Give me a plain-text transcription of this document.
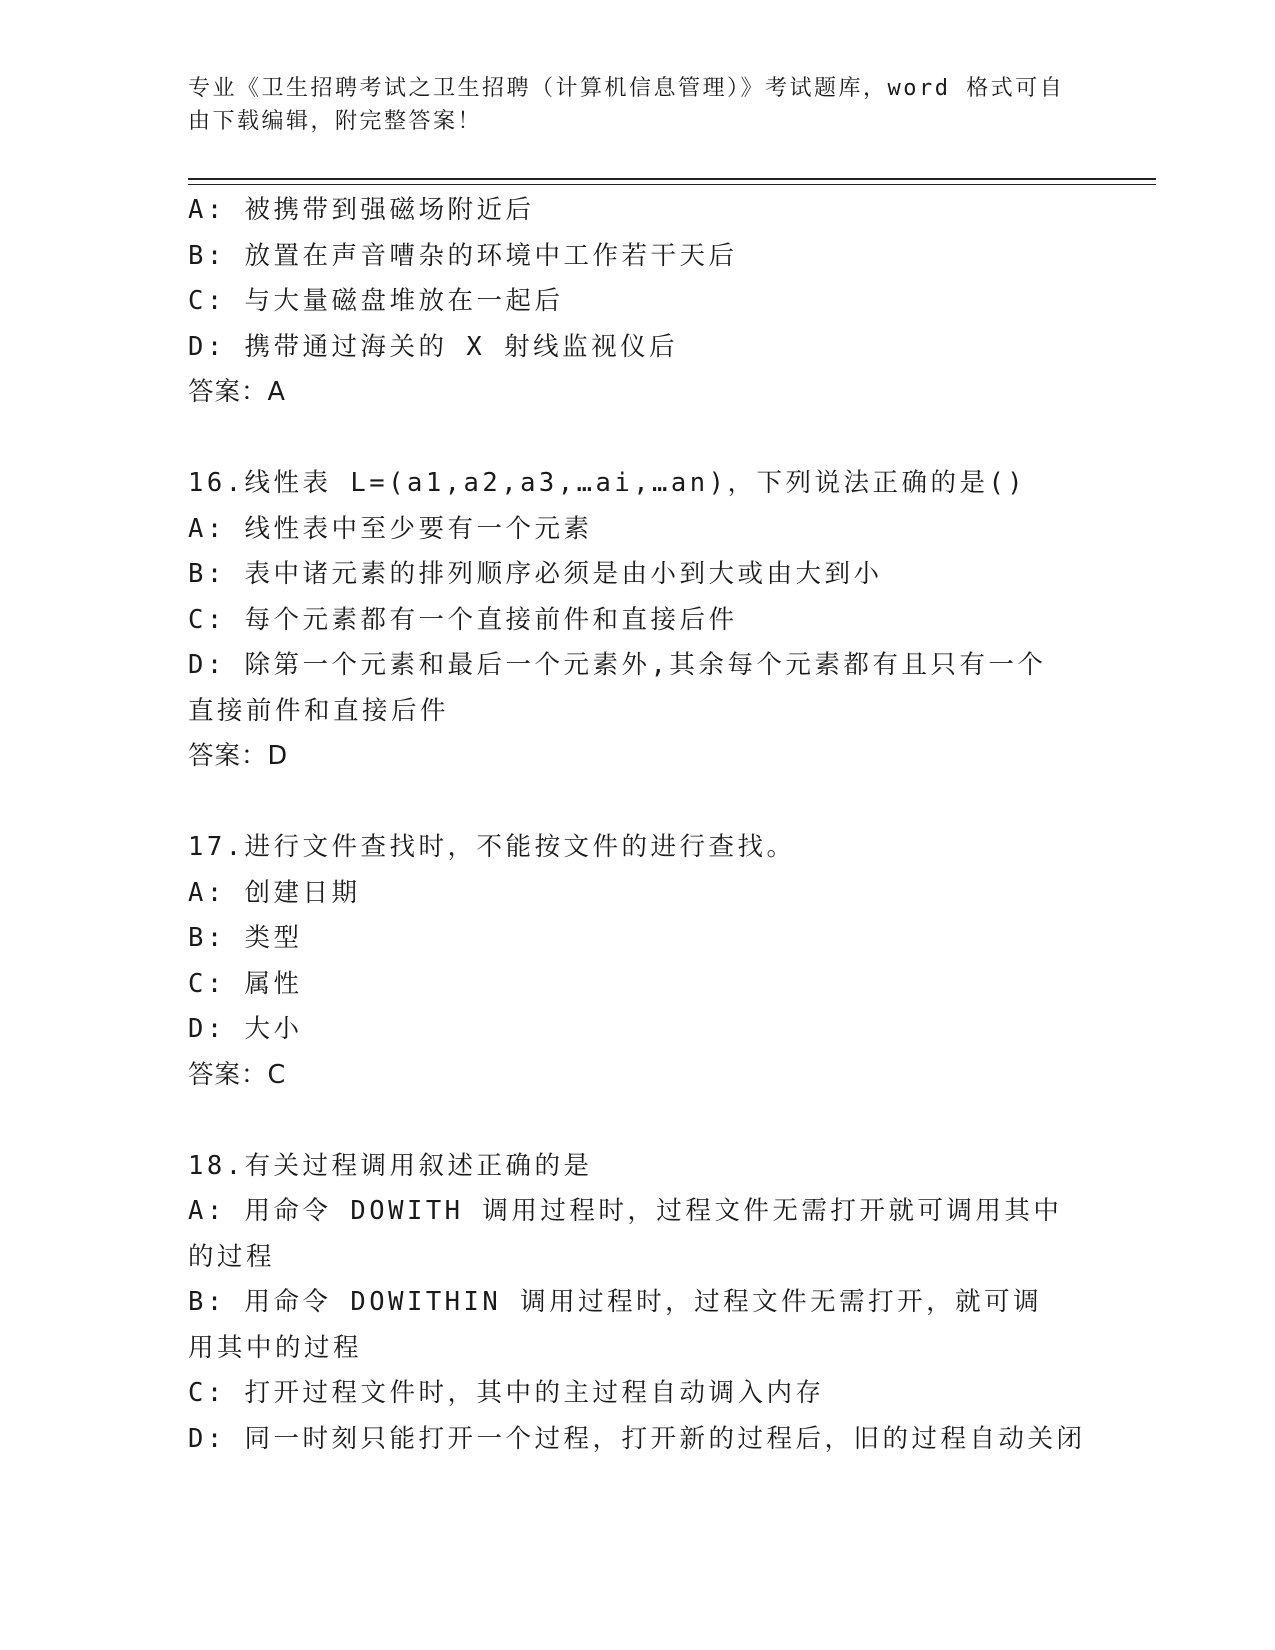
专业《卫生招聘考试之卫生招聘（计算机信息管理）》考试题库，word 格式可自由下载编辑，附完整答案！
A: 被携带到强磁场附近后
B: 放置在声音嘈杂的环境中工作若干天后
C: 与大量磁盘堆放在一起后
D: 携带通过海关的 X 射线监视仪后
答案：A
16.线性表 L=(a1,a2,a3,…ai,…an)，下列说法正确的是()
A: 线性表中至少要有一个元素
B: 表中诸元素的排列顺序必须是由小到大或由大到小
C: 每个元素都有一个直接前件和直接后件
D: 除第一个元素和最后一个元素外,其余每个元素都有且只有一个直接前件和直接后件
答案：D
17.进行文件查找时，不能按文件的进行查找。
A: 创建日期
B: 类型
C: 属性
D: 大小
答案：C
18.有关过程调用叙述正确的是
A: 用命令 DOWITH 调用过程时，过程文件无需打开就可调用其中的过程
B: 用命令 DOWITHIN 调用过程时，过程文件无需打开，就可调用其中的过程
C: 打开过程文件时，其中的主过程自动调入内存
D: 同一时刻只能打开一个过程，打开新的过程后，旧的过程自动关闭
